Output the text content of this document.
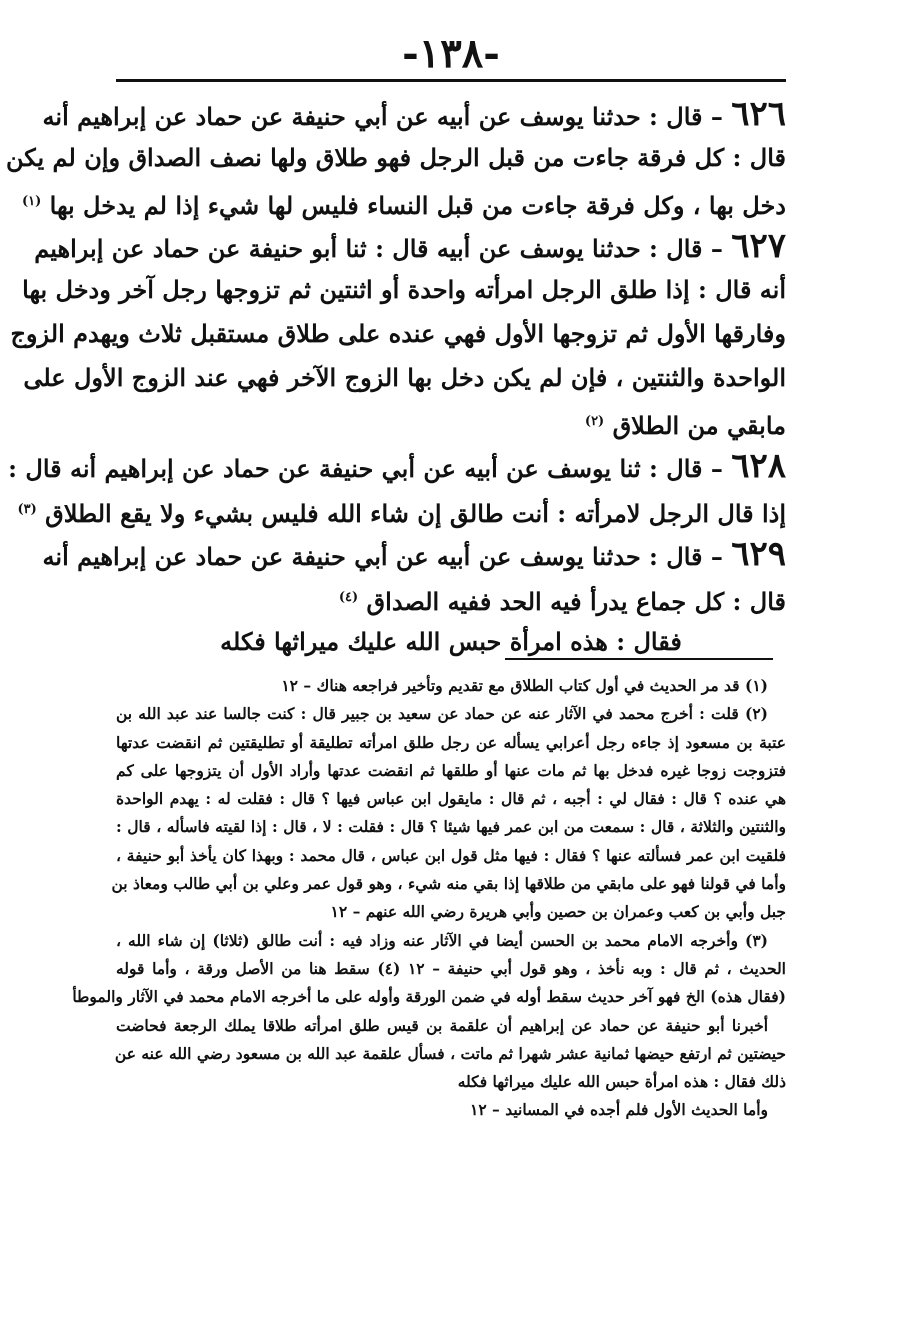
-١٣٨-
٦٢٦ – قال : حدثنا يوسف عن أبيه عن أبي حنيفة عن حماد عن إبراهيم أنه
قال : كل فرقة جاءت من قبل الرجل فهو طلاق ولها نصف الصداق وإن لم يكن
دخل بها ، وكل فرقة جاءت من قبل النساء فليس لها شيء إذا لم يدخل بها $^{(١)}$
٦٢٧ – قال : حدثنا يوسف عن أبيه قال : ثنا أبو حنيفة عن حماد عن إبراهيم
أنه قال : إذا طلق الرجل امرأته واحدة أو اثنتين ثم تزوجها رجل آخر ودخل بها
وفارقها الأول ثم تزوجها الأول فهي عنده على طلاق مستقبل ثلاث ويهدم الزوج
الواحدة والثنتين ، فإن لم يكن دخل بها الزوج الآخر فهي عند الزوج الأول على
مابقي من الطلاق $^{(٢)}$
٦٢٨ – قال : ثنا يوسف عن أبيه عن أبي حنيفة عن حماد عن إبراهيم أنه قال :
إذا قال الرجل لامرأته : أنت طالق إن شاء الله فليس بشيء ولا يقع الطلاق $^{(٣)}$
٦٢٩ – قال : حدثنا يوسف عن أبيه عن أبي حنيفة عن حماد عن إبراهيم أنه
قال : كل جماع يدرأ فيه الحد ففيه الصداق $^{(٤)}$
فقال : هذه امرأة حبس الله عليك ميراثها فكله
(١) قد مر الحديث في أول كتاب الطلاق مع تقديم وتأخير فراجعه هناك – ١٢
(٢) قلت : أخرج محمد في الآثار عنه عن حماد عن سعيد بن جبير قال : كنت جالسا عند عبد الله بن
عتبة بن مسعود إذ جاءه رجل أعرابي يسأله عن رجل طلق امرأته تطليقة أو تطليقتين ثم انقضت عدتها
فتزوجت زوجا غيره فدخل بها ثم مات عنها أو طلقها ثم انقضت عدتها وأراد الأول أن يتزوجها على كم
هي عنده ؟ قال : فقال لي : أجبه ، ثم قال : مايقول ابن عباس فيها ؟ قال : فقلت له : يهدم الواحدة
والثنتين والثلاثة ، قال : سمعت من ابن عمر فيها شيئا ؟ قال : فقلت : لا ، قال : إذا لقيته فاسأله ، قال :
فلقيت ابن عمر فسألته عنها ؟ فقال : فيها مثل قول ابن عباس ، قال محمد : وبهذا كان يأخذ أبو حنيفة ،
وأما في قولنا فهو على مابقي من طلاقها إذا بقي منه شيء ، وهو قول عمر وعلي بن أبي طالب ومعاذ بن
جبل وأبي بن كعب وعمران بن حصين وأبي هريرة رضي الله عنهم – ١٢
(٣) وأخرجه الامام محمد بن الحسن أيضا في الآثار عنه وزاد فيه : أنت طالق (ثلاثا) إن شاء الله ،
الحديث ، ثم قال : وبه نأخذ ، وهو قول أبي حنيفة – ١٢ (٤) سقط هنا من الأصل ورقة ، وأما قوله
(فقال هذه) الخ فهو آخر حديث سقط أوله في ضمن الورقة وأوله على ما أخرجه الامام محمد في الآثار والموطأ
أخبرنا أبو حنيفة عن حماد عن إبراهيم أن علقمة بن قيس طلق امرأته طلاقا يملك الرجعة فحاضت
حيضتين ثم ارتفع حيضها ثمانية عشر شهرا ثم ماتت ، فسأل علقمة عبد الله بن مسعود رضي الله عنه عن
ذلك فقال : هذه امرأة حبس الله عليك ميراثها فكله
وأما الحديث الأول فلم أجده في المسانيد – ١٢
